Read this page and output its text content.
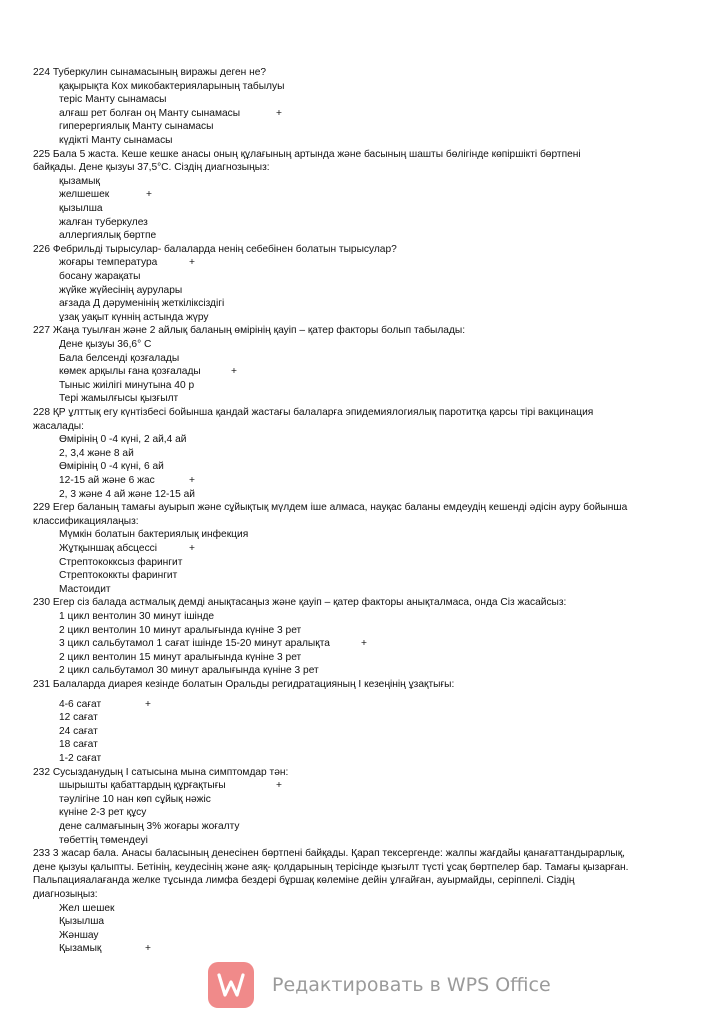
224 Туберкулин сынамасының виражы деген не?
қақырықта Кох микобактерияларының табылуы
теріс Манту сынамасы
алғаш рет болған оң Манту сынамасы	+
гиперергиялық Манту сынамасы
күдікті Манту сынамасы
225 Бала 5 жаста. Кеше кешке анасы оның құлағының артында және басының шашты бөлігінде көпіршікті бөртпені
байқады. Дене қызуы 37,5°С. Сіздің диагнозыңыз:
қызамық
желшешек	+
қызылша
жалған туберкулез
аллергиялық бөртпе
226 Фебрильді тырысулар- балаларда ненің себебінен болатын тырысулар?
жоғары температура	+
босану жарақаты
жүйке жүйесінің аурулары
ағзада Д дәруменінің жеткіліксіздігі
ұзақ уақыт күннің астында жүру
227 Жаңа туылған және 2 айлық баланың өмірінің қауіп – қатер факторы болып табылады:
Дене қызуы 36,6° С
Бала белсенді қозғалады
көмек арқылы ғана қозғалады	+
Тыныс жиілігі минутына 40 р
Тері жамылғысы қызғылт
228 ҚР ұлттық егу күнтізбесі бойынша қандай жастағы балаларға эпидемиялогиялық паротитқа қарсы тірі вакцинация
жасалады:
Өмірінің 0 -4 күні, 2 ай,4 ай
2, 3,4 және 8 ай
Өмірінің 0 -4 күні, 6 ай
12-15 ай және 6 жас	+
2, 3 және 4 ай және 12-15 ай
229 Егер баланың тамағы ауырып және сұйықтық мүлдем іше алмаса, науқас баланы емдеудің кешенді әдісін ауру бойынша
классификациялаңыз:
Мүмкін болатын бактериялық инфекция
Жұтқыншақ абсцессі	+
Стрептококксыз фарингит
Стрептококкты фарингит
Мастоидит
230 Егер сіз балада астмалық демді анықтасаңыз және қауіп – қатер факторы анықталмаса, онда Сіз жасайсыз:
1 цикл вентолин 30 минут ішінде
2 цикл вентолин 10 минут аралығында күніне 3 рет
3 цикл сальбутамол 1 сағат ішінде 15-20 минут аралықта	+
2 цикл вентолин 15 минут аралығында күніне 3 рет
2 цикл сальбутамол 30 минут аралығында күніне 3 рет
231 Балаларда диарея кезінде болатын Оральды регидратацияның І кезеңінің ұзақтығы:
4-6 сағат	+
12 сағат
24 сағат
18 сағат
1-2 сағат
232 Сусызданудың І сатысына мына симптомдар тән:
шырышты қабаттардың құрғақтығы	+
тәулігіне 10 нан көп сұйық нәжіс
күніне 2-3 рет құсу
дене салмағының 3% жоғары жоғалту
төбеттің төмендеуі
233 3 жасар бала. Анасы баласының денесінен бөртпені байқады. Қарап тексергенде: жалпы жағдайы қанағаттандырарлық,
дене қызуы қалыпты. Бетінің, кеудесінің және аяқ- қолдарының терісінде қызғылт түсті ұсақ бөртпелер бар. Тамағы қызарған.
Пальпацияалағанда желке тұсында лимфа бездері бұршақ көлеміне дейін ұлғайған, ауырмайды, серіппелі. Сіздің
диагнозыңыз:
Жел шешек
Қызылша
Жәншау
Қызамық	+
Редактировать в WPS Office
